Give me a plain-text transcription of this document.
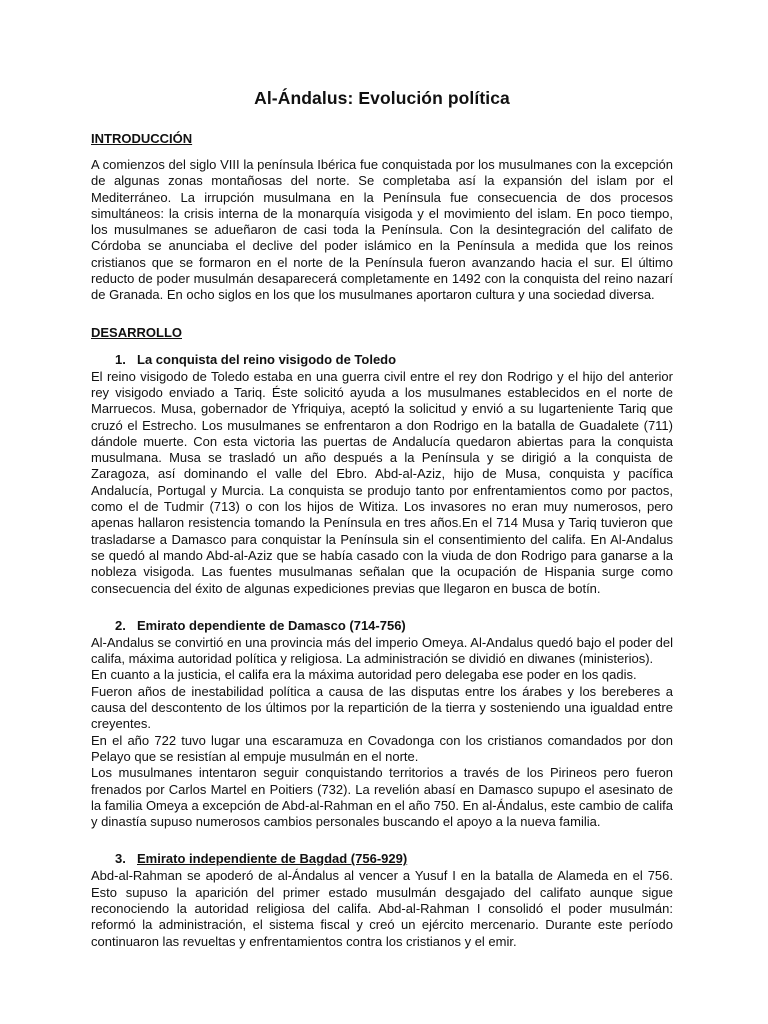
Al-Ándalus: Evolución política
INTRODUCCIÓN

A comienzos del siglo VIII la península Ibérica fue conquistada por los musulmanes con la excepción de algunas zonas montañosas del norte. Se completaba así la expansión del islam por el Mediterráneo. La irrupción musulmana en la Península fue consecuencia de dos procesos simultáneos: la crisis interna de la monarquía visigoda y el movimiento del islam. En poco tiempo, los musulmanes se adueñaron de casi toda la Península. Con la desintegración del califato de Córdoba se anunciaba el declive del poder islámico en la Península a medida que los reinos cristianos que se formaron en el norte de la Península fueron avanzando hacia el sur. El último reducto de poder musulmán desaparecerá completamente en 1492 con la conquista del reino nazarí de Granada. En ocho siglos en los que los musulmanes aportaron cultura y una sociedad diversa.

DESARROLLO
1. La conquista del reino visigodo de Toledo

El reino visigodo de Toledo estaba en una guerra civil entre el rey don Rodrigo y el hijo del anterior rey visigodo enviado a Tariq. Éste solicitó ayuda a los musulmanes establecidos en el norte de Marruecos. Musa, gobernador de Yfriquiya, aceptó la solicitud y envió a su lugarteniente Tariq que cruzó el Estrecho. Los musulmanes se enfrentaron a don Rodrigo en la batalla de Guadalete (711) dándole muerte. Con esta victoria las puertas de Andalucía quedaron abiertas para la conquista musulmana. Musa se trasladó un año después a la Península y se dirigió a la conquista de Zaragoza, así dominando el valle del Ebro. Abd-al-Aziz, hijo de Musa, conquista y pacífica Andalucía, Portugal y Murcia. La conquista se produjo tanto por enfrentamientos como por pactos, como el de Tudmir (713) o con los hijos de Witiza. Los invasores no eran muy numerosos, pero apenas hallaron resistencia tomando la Península en tres años.En el 714 Musa y Tariq tuvieron que trasladarse a Damasco para conquistar la Península sin el consentimiento del califa. En Al-Andalus se quedó al mando Abd-al-Aziz que se había casado con la viuda de don Rodrigo para ganarse a la nobleza visigoda. Las fuentes musulmanas señalan que la ocupación de Hispania surge como consecuencia del éxito de algunas expediciones previas que llegaron en busca de botín.

2. Emirato dependiente de Damasco (714-756)

Al-Andalus se convirtió en una provincia más del imperio Omeya. Al-Andalus quedó bajo el poder del califa, máxima autoridad política y religiosa. La administración se dividió en diwanes (ministerios).

En cuanto a la justicia, el califa era la máxima autoridad pero delegaba ese poder en los qadis.

Fueron años de inestabilidad política a causa de las disputas entre los árabes y los bereberes a causa del descontento de los últimos por la repartición de la tierra y sosteniendo una igualdad entre creyentes.

En el año 722 tuvo lugar una escaramuza en Covadonga con los cristianos comandados por don Pelayo que se resistían al empuje musulmán en el norte.

Los musulmanes intentaron seguir conquistando territorios a través de los Pirineos pero fueron frenados por Carlos Martel en Poitiers (732). La revelión abasí en Damasco supupo el asesinato de la familia Omeya a excepción de Abd-al-Rahman en el año 750. En al-Ándalus, este cambio de califa y dinastía supuso numerosos cambios personales buscando el apoyo a la nueva familia.

3. Emirato independiente de Bagdad (756-929)

Abd-al-Rahman se apoderó de al-Ándalus al vencer a Yusuf I en la batalla de Alameda en el 756. Esto supuso la aparición del primer estado musulmán desgajado del califato aunque sigue reconociendo la autoridad religiosa del califa. Abd-al-Rahman I consolidó el poder musulmán: reformó la administración, el sistema fiscal y creó un ejército mercenario. Durante este período continuaron las revueltas y enfrentamientos contra los cristianos y el emir.
